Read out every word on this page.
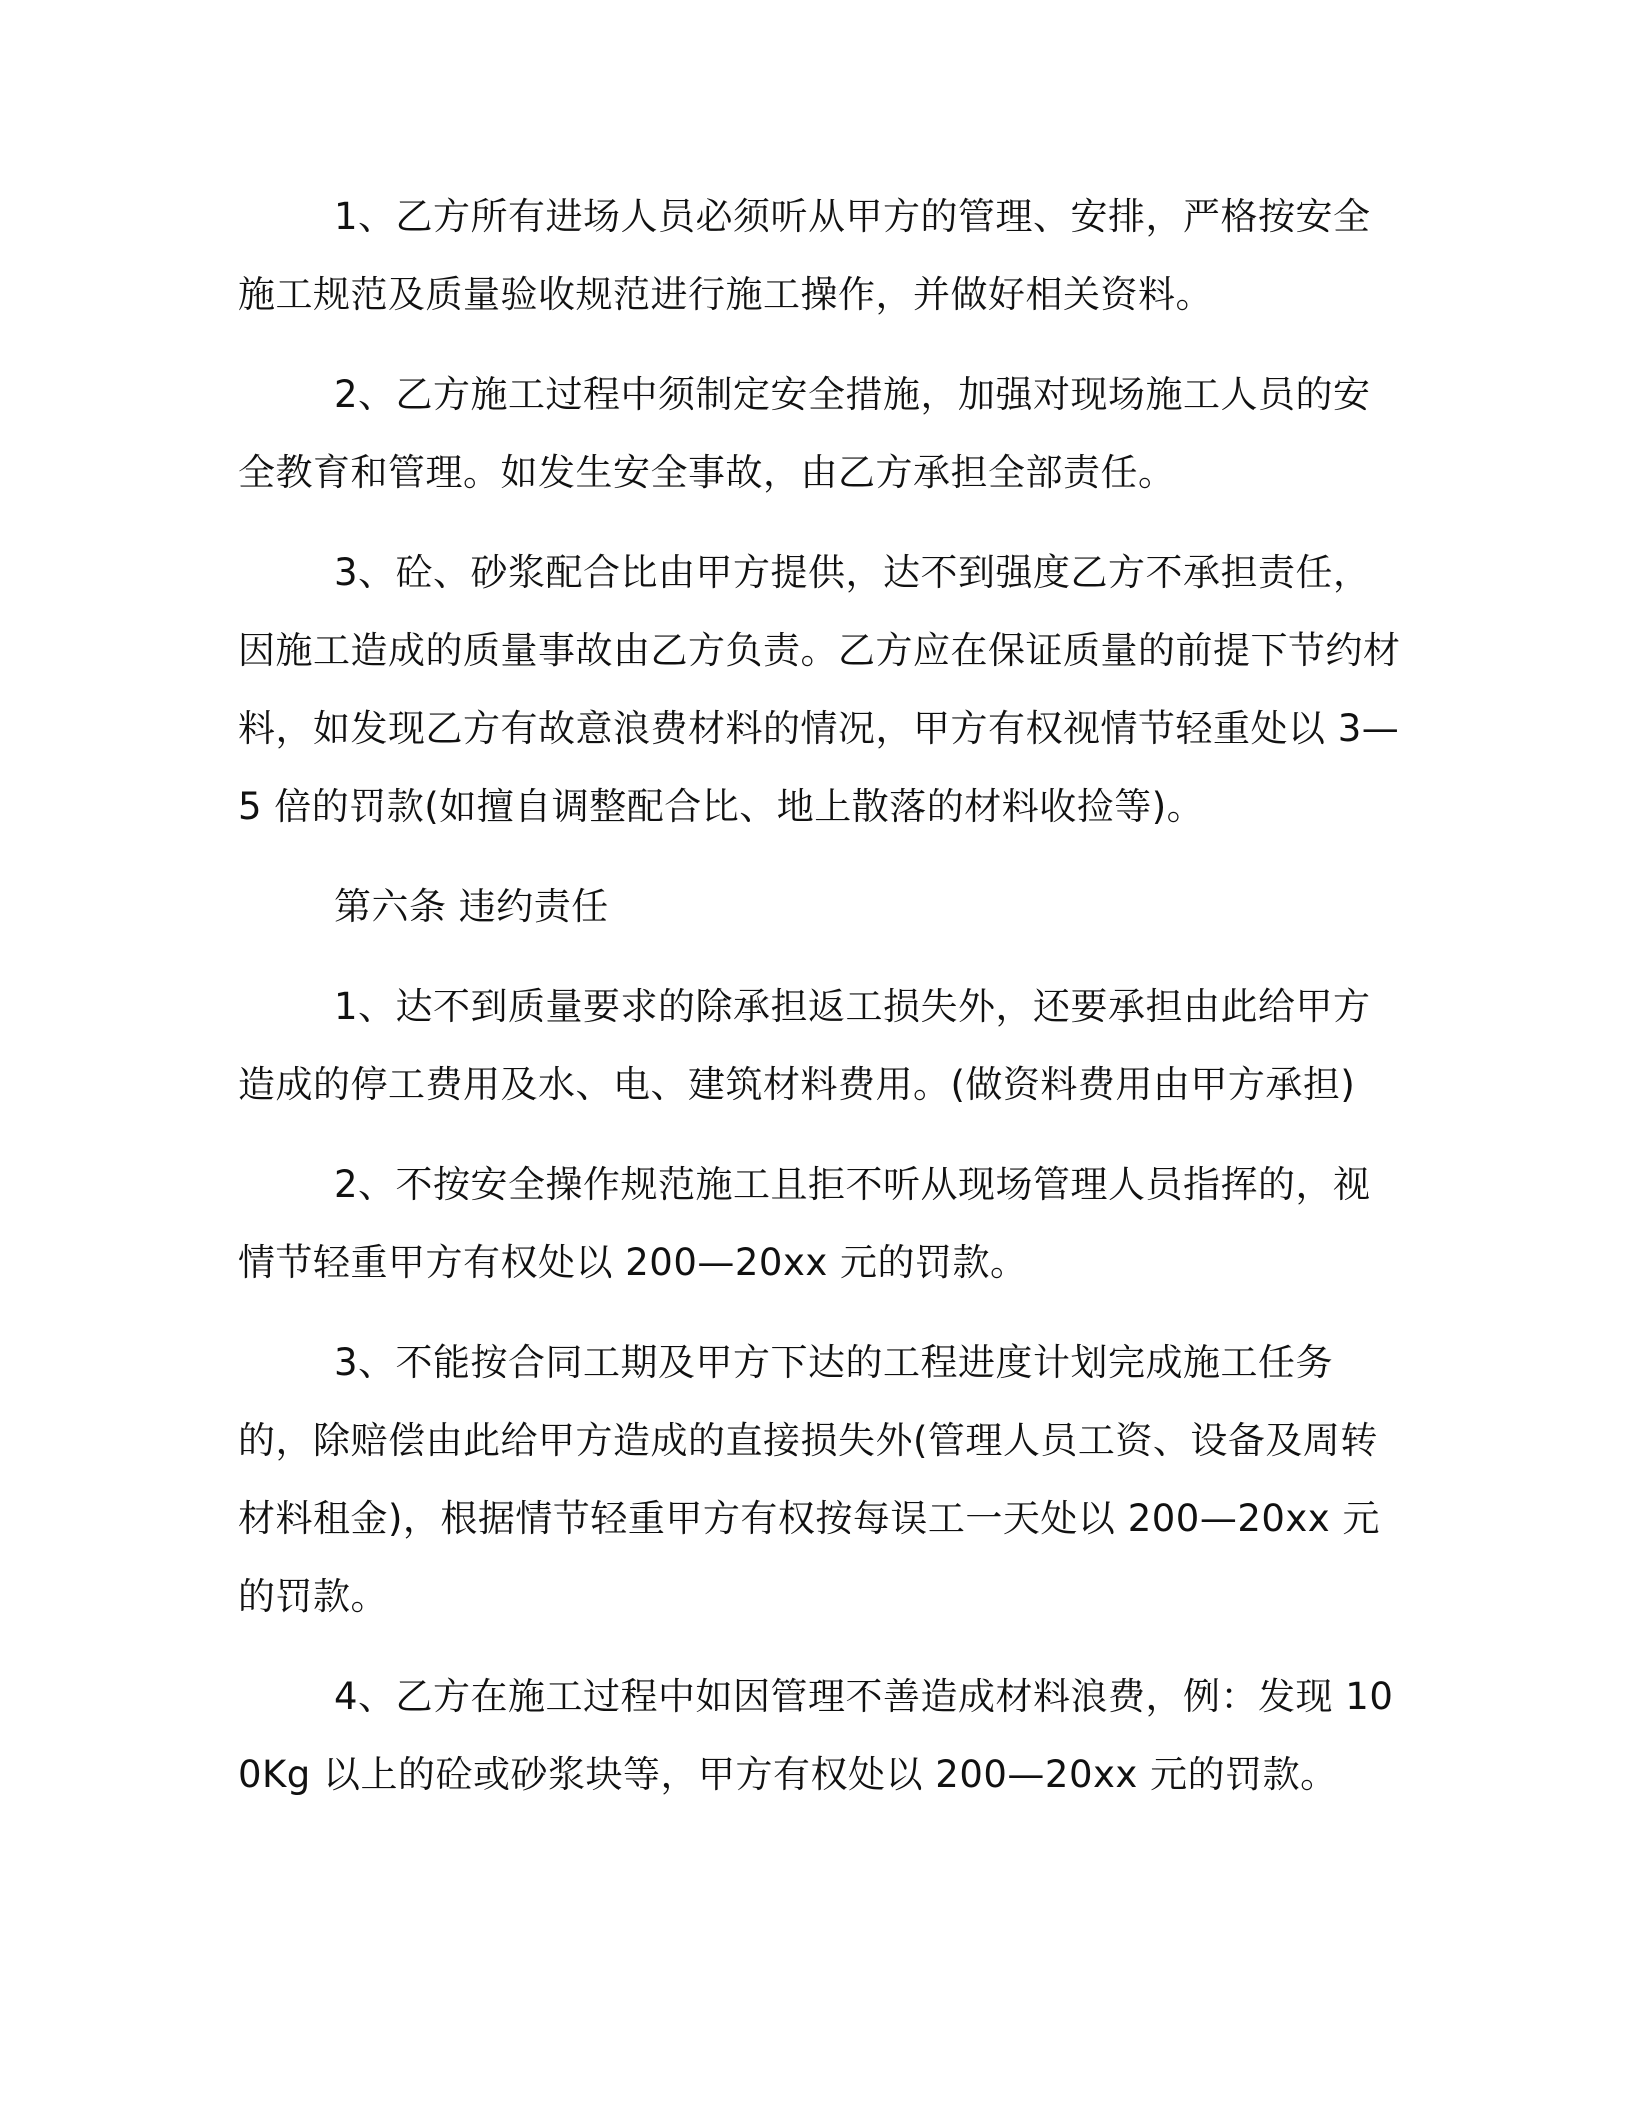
1、乙方所有进场人员必须听从甲方的管理、安排，严格按安全施工规范及质量验收规范进行施工操作，并做好相关资料。

2、乙方施工过程中须制定安全措施，加强对现场施工人员的安全教育和管理。如发生安全事故，由乙方承担全部责任。

3、砼、砂浆配合比由甲方提供，达不到强度乙方不承担责任，因施工造成的质量事故由乙方负责。乙方应在保证质量的前提下节约材料，如发现乙方有故意浪费材料的情况，甲方有权视情节轻重处以 3—5 倍的罚款(如擅自调整配合比、地上散落的材料收捡等)。

第六条 违约责任

1、达不到质量要求的除承担返工损失外，还要承担由此给甲方造成的停工费用及水、电、建筑材料费用。(做资料费用由甲方承担)

2、不按安全操作规范施工且拒不听从现场管理人员指挥的，视情节轻重甲方有权处以 200—20xx 元的罚款。

3、不能按合同工期及甲方下达的工程进度计划完成施工任务的，除赔偿由此给甲方造成的直接损失外(管理人员工资、设备及周转材料租金)，根据情节轻重甲方有权按每误工一天处以 200—20xx 元的罚款。

4、乙方在施工过程中如因管理不善造成材料浪费，例：发现 100Kg 以上的砼或砂浆块等，甲方有权处以 200—20xx 元的罚款。
